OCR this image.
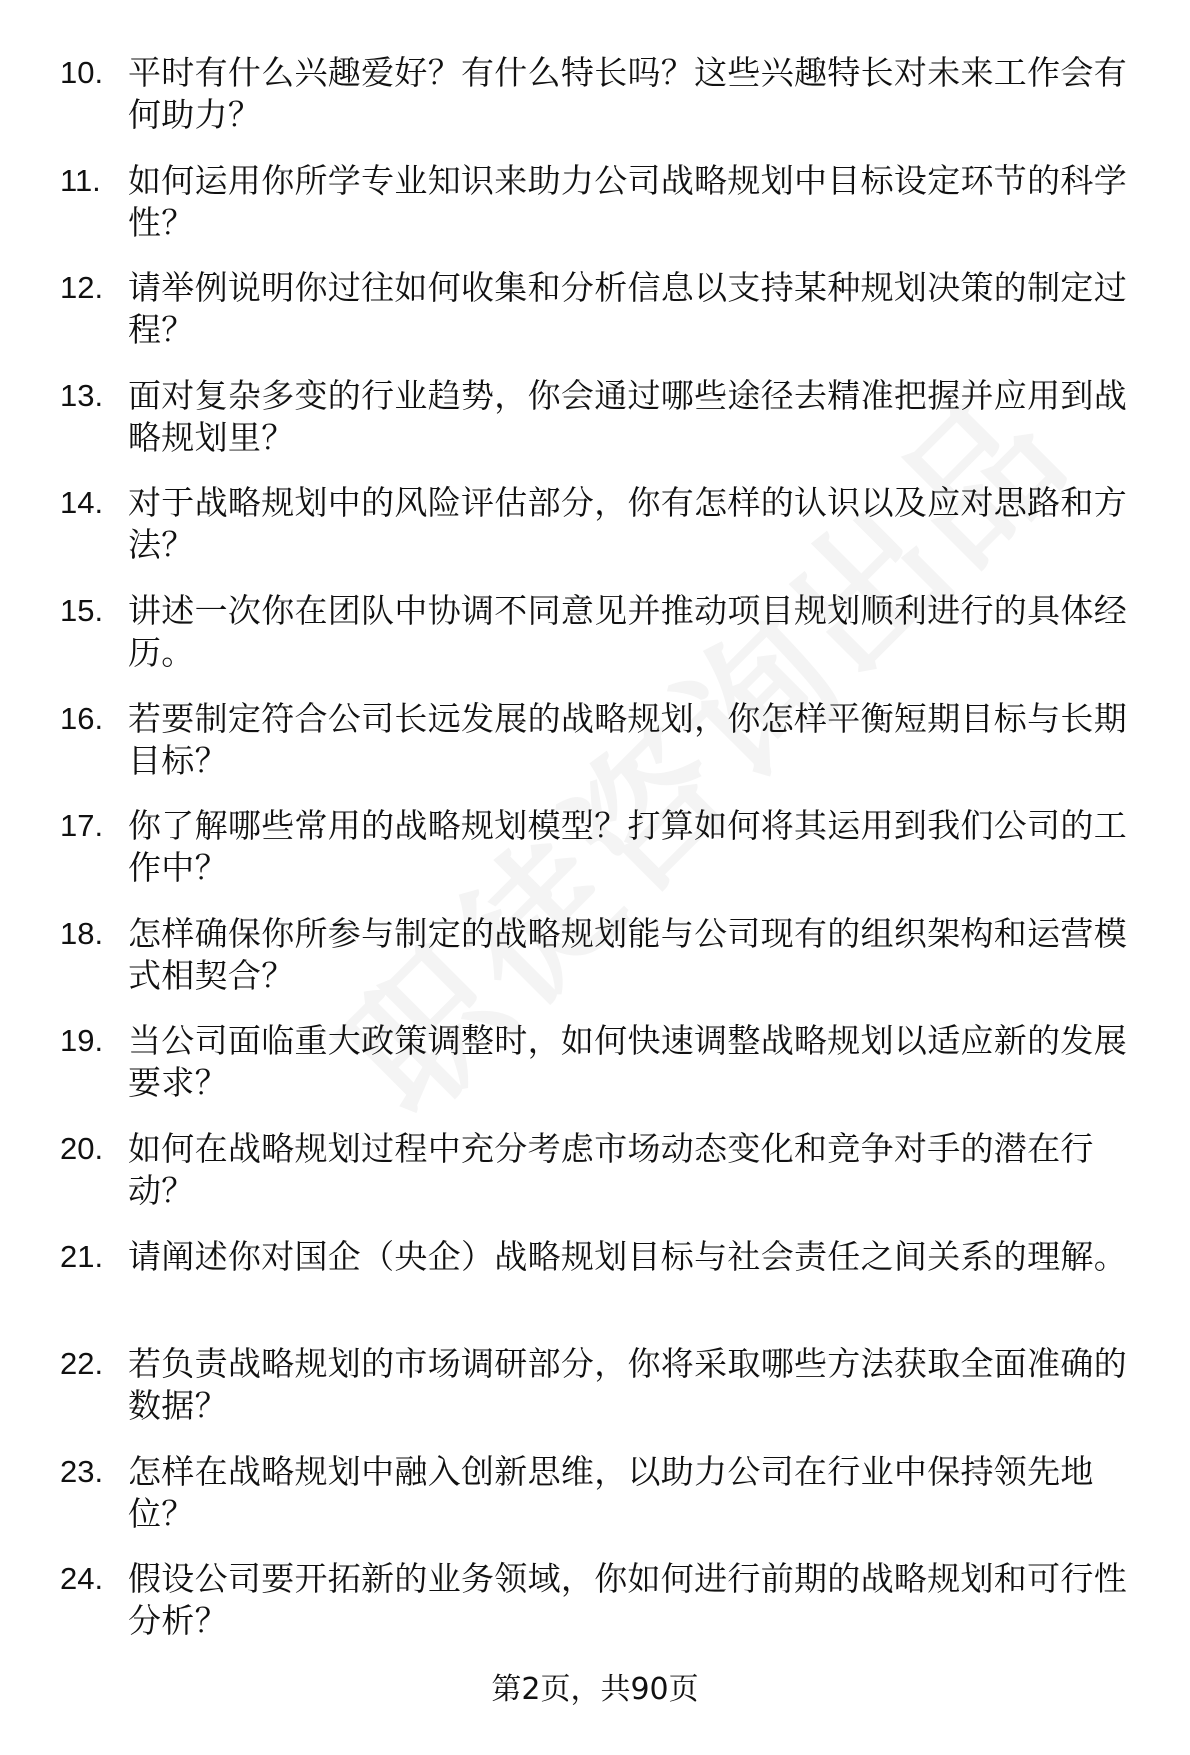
10. 平时有什么兴趣爱好？有什么特长吗？这些兴趣特长对未来工作会有何助力？
11. 如何运用你所学专业知识来助力公司战略规划中目标设定环节的科学性？
12. 请举例说明你过往如何收集和分析信息以支持某种规划决策的制定过程？
13. 面对复杂多变的行业趋势，你会通过哪些途径去精准把握并应用到战略规划里？
14. 对于战略规划中的风险评估部分，你有怎样的认识以及应对思路和方法？
15. 讲述一次你在团队中协调不同意见并推动项目规划顺利进行的具体经历。
16. 若要制定符合公司长远发展的战略规划，你怎样平衡短期目标与长期目标？
17. 你了解哪些常用的战略规划模型？打算如何将其运用到我们公司的工作中？
18. 怎样确保你所参与制定的战略规划能与公司现有的组织架构和运营模式相契合？
19. 当公司面临重大政策调整时，如何快速调整战略规划以适应新的发展要求？
20. 如何在战略规划过程中充分考虑市场动态变化和竞争对手的潜在行动？
21. 请阐述你对国企（央企）战略规划目标与社会责任之间关系的理解。
22. 若负责战略规划的市场调研部分，你将采取哪些方法获取全面准确的数据？
23. 怎样在战略规划中融入创新思维，以助力公司在行业中保持领先地位？
24. 假设公司要开拓新的业务领域，你如何进行前期的战略规划和可行性分析？
第2页，共90页
